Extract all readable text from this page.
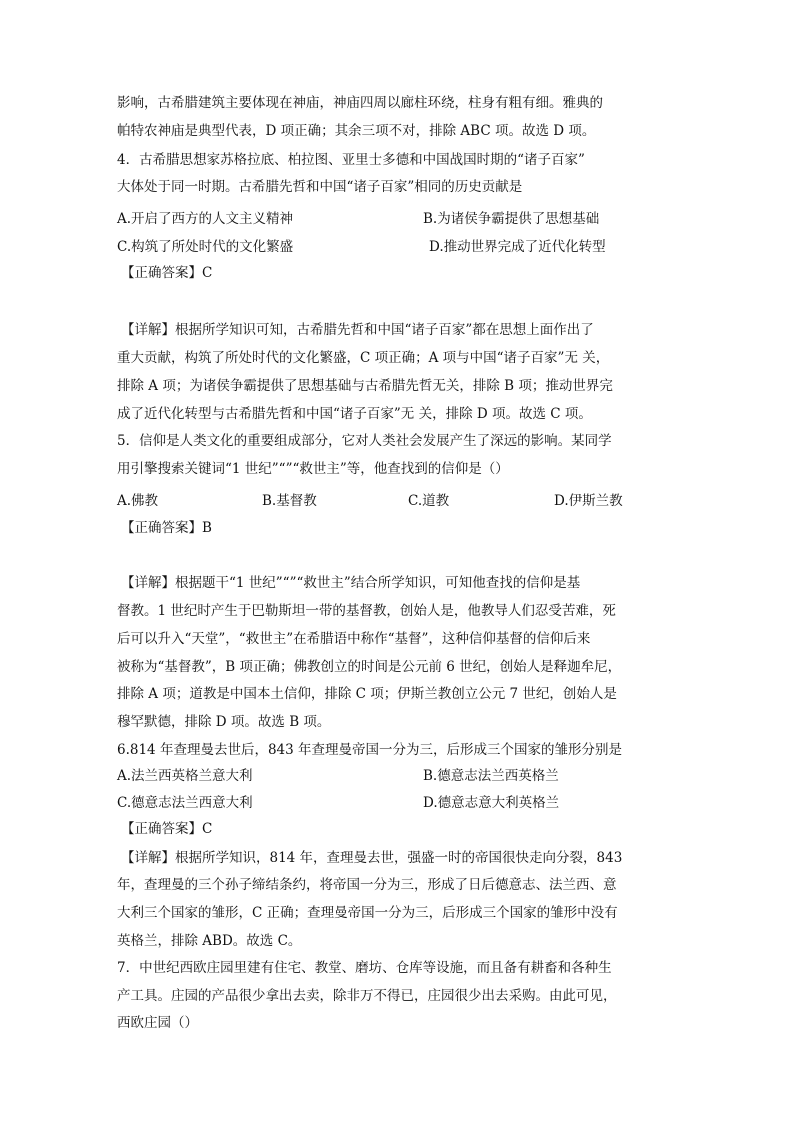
影响，古希腊建筑主要体现在神庙，神庙四周以廊柱环绕，柱身有粗有细。雅典的
帕特农神庙是典型代表，D 项正确；其余三项不对，排除 ABC 项。故选 D 项。
4．古希腊思想家苏格拉底、柏拉图、亚里士多德和中国战国时期的“诸子百家”
大体处于同一时期。古希腊先哲和中国“诸子百家”相同的历史贡献是
A.开启了西方的人文主义精神	B.为诸侯争霸提供了思想基础
C.构筑了所处时代的文化繁盛	D.推动世界完成了近代化转型
【正确答案】C
【详解】根据所学知识可知，古希腊先哲和中国“诸子百家”都在思想上面作出了
重大贡献，构筑了所处时代的文化繁盛，C 项正确；A 项与中国“诸子百家”无 关，
排除 A 项；为诸侯争霸提供了思想基础与古希腊先哲无关，排除 B 项；推动世界完
成了近代化转型与古希腊先哲和中国“诸子百家”无 关，排除 D 项。故选 C 项。
5．信仰是人类文化的重要组成部分，它对人类社会发展产生了深远的影响。某同学
用引擎搜索关键词“1 世纪”“”“救世主”等，他查找到的信仰是（）
A.佛教	B.基督教	C.道教	D.伊斯兰教
【正确答案】B
【详解】根据题干“1 世纪”“”“救世主”结合所学知识，可知他查找的信仰是基
督教。1 世纪时产生于巴勒斯坦一带的基督教，创始人是，他教导人们忍受苦难，死
后可以升入“天堂”，“救世主”在希腊语中称作“基督”，这种信仰基督的信仰后来
被称为“基督教”，B 项正确；佛教创立的时间是公元前 6 世纪，创始人是释迦牟尼，
排除 A 项；道教是中国本土信仰，排除 C 项；伊斯兰教创立公元 7 世纪，创始人是
穆罕默德，排除 D 项。故选 B 项。
6.814 年查理曼去世后，843 年查理曼帝国一分为三，后形成三个国家的雏形分别是
A.法兰西英格兰意大利	B.德意志法兰西英格兰
C.德意志法兰西意大利	D.德意志意大利英格兰
【正确答案】C
【详解】根据所学知识，814 年，查理曼去世，强盛一时的帝国很快走向分裂，843
年，查理曼的三个孙子缔结条约，将帝国一分为三，形成了日后德意志、法兰西、意
大利三个国家的雏形，C 正确；查理曼帝国一分为三，后形成三个国家的雏形中没有
英格兰，排除 ABD。故选 C。
7．中世纪西欧庄园里建有住宅、教堂、磨坊、仓库等设施，而且备有耕畜和各种生
产工具。庄园的产品很少拿出去卖，除非万不得已，庄园很少出去采购。由此可见，
西欧庄园（）
